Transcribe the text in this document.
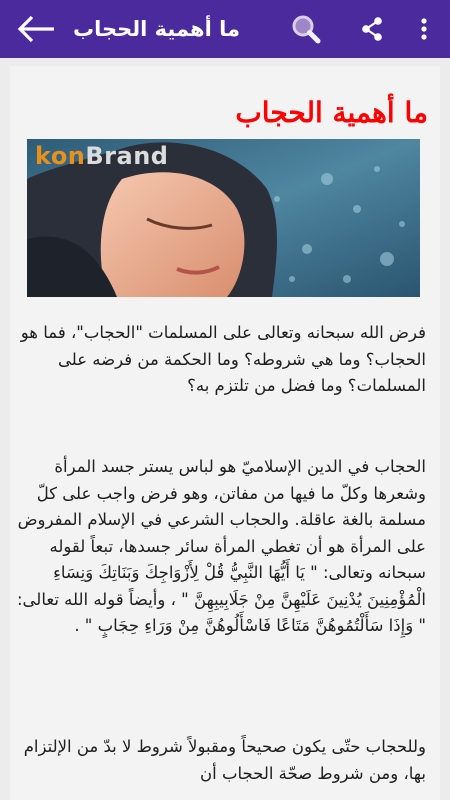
ما أهمية الحجاب
ما أهمية الحجاب
konBrand
فرض الله سبحانه وتعالى على المسلمات "الحجاب"، فما هو الحجاب؟ وما هي شروطه؟ وما الحكمة من فرضه على المسلمات؟ وما فضل من تلتزم به؟
الحجاب في الدين الإسلاميّ هو لباس يستر جسد المرأة وشعرها وكلّ ما فيها من مفاتن، وهو فرض واجب على كلّ مسلمة بالغة عاقلة. والحجاب الشرعي في الإسلام المفروض على المرأة هو أن تغطي المرأة سائر جسدها، تبعاً لقوله سبحانه وتعالى: " يَا أَيُّهَا النَّبِيُّ قُلْ لِأَزْوَاجِكَ وَبَنَاتِكَ وَنِسَاءِ الْمُؤْمِنِينَ يُدْنِينَ عَلَيْهِنَّ مِنْ جَلَابِيبِهِنَّ " ، وأيضاً قوله الله تعالى: " وَإِذَا سَأَلْتُمُوهُنَّ مَتَاعًا فَاسْأَلُوهُنَّ مِنْ وَرَاءِ حِجَابٍ " .
وللحجاب حتّى يكون صحيحاً ومقبولاً شروط لا بدّ من الإلتزام بها، ومن شروط صحّة الحجاب أن
